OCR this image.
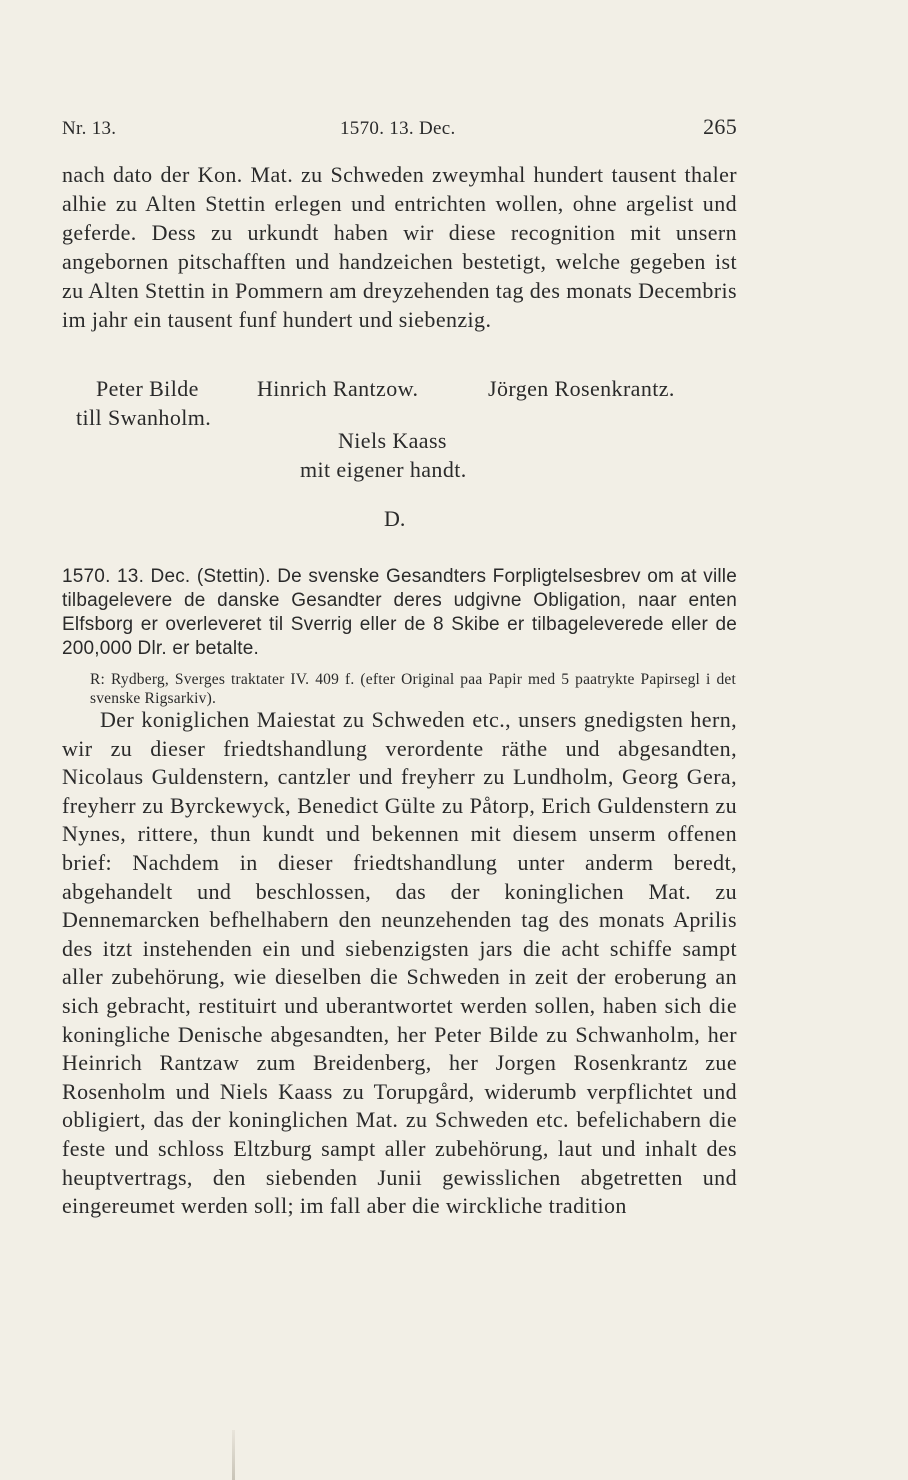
Nr. 13.	1570. 13. Dec.	265

nach dato der Kon. Mat. zu Schweden zweymhal hundert tausent thaler alhie zu Alten Stettin erlegen und entrichten wollen, ohne argelist und geferde. Dess zu urkundt haben wir diese recognition mit unsern angebornen pitschafften und handzeichen bestetigt, welche gegeben ist zu Alten Stettin in Pommern am dreyzehenden tag des monats Decembris im jahr ein tausent funf hundert und siebenzig.

Peter Bilde
till Swanholm.
Hinrich Rantzow.	Jörgen Rosenkrantz.
Niels Kaass
mit eigener handt.
D.

1570. 13. Dec. (Stettin). De svenske Gesandters Forpligtelsesbrev om at ville tilbagelevere de danske Gesandter deres udgivne Obligation, naar enten Elfsborg er overleveret til Sverrig eller de 8 Skibe er tilbageleverede eller de 200,000 Dlr. er betalte.

R: Rydberg, Sverges traktater IV. 409 f. (efter Original paa Papir med 5 paatrykte Papirsegl i det svenske Rigsarkiv).

Der koniglichen Maiestat zu Schweden etc., unsers gnedigsten hern, wir zu dieser friedtshandlung verordente räthe und abgesandten, Nicolaus Guldenstern, cantzler und freyherr zu Lundholm, Georg Gera, freyherr zu Byrckewyck, Benedict Gülte zu Påtorp, Erich Guldenstern zu Nynes, rittere, thun kundt und bekennen mit diesem unserm offenen brief: Nachdem in dieser friedtshandlung unter anderm beredt, abgehandelt und beschlossen, das der koninglichen Mat. zu Dennemarcken befhelhabern den neunzehenden tag des monats Aprilis des itzt instehenden ein und siebenzigsten jars die acht schiffe sampt aller zubehörung, wie dieselben die Schweden in zeit der eroberung an sich gebracht, restituirt und uberantwortet werden sollen, haben sich die koningliche Denische abgesandten, her Peter Bilde zu Schwanholm, her Heinrich Rantzaw zum Breidenberg, her Jorgen Rosenkrantz zue Rosenholm und Niels Kaass zu Torupgård, widerumb verpflichtet und obligiert, das der koninglichen Mat. zu Schweden etc. befelichabern die feste und schloss Eltzburg sampt aller zubehörung, laut und inhalt des heuptvertrags, den siebenden Junii gewisslichen abgetretten und eingereumet werden soll; im fall aber die wirckliche tradition
